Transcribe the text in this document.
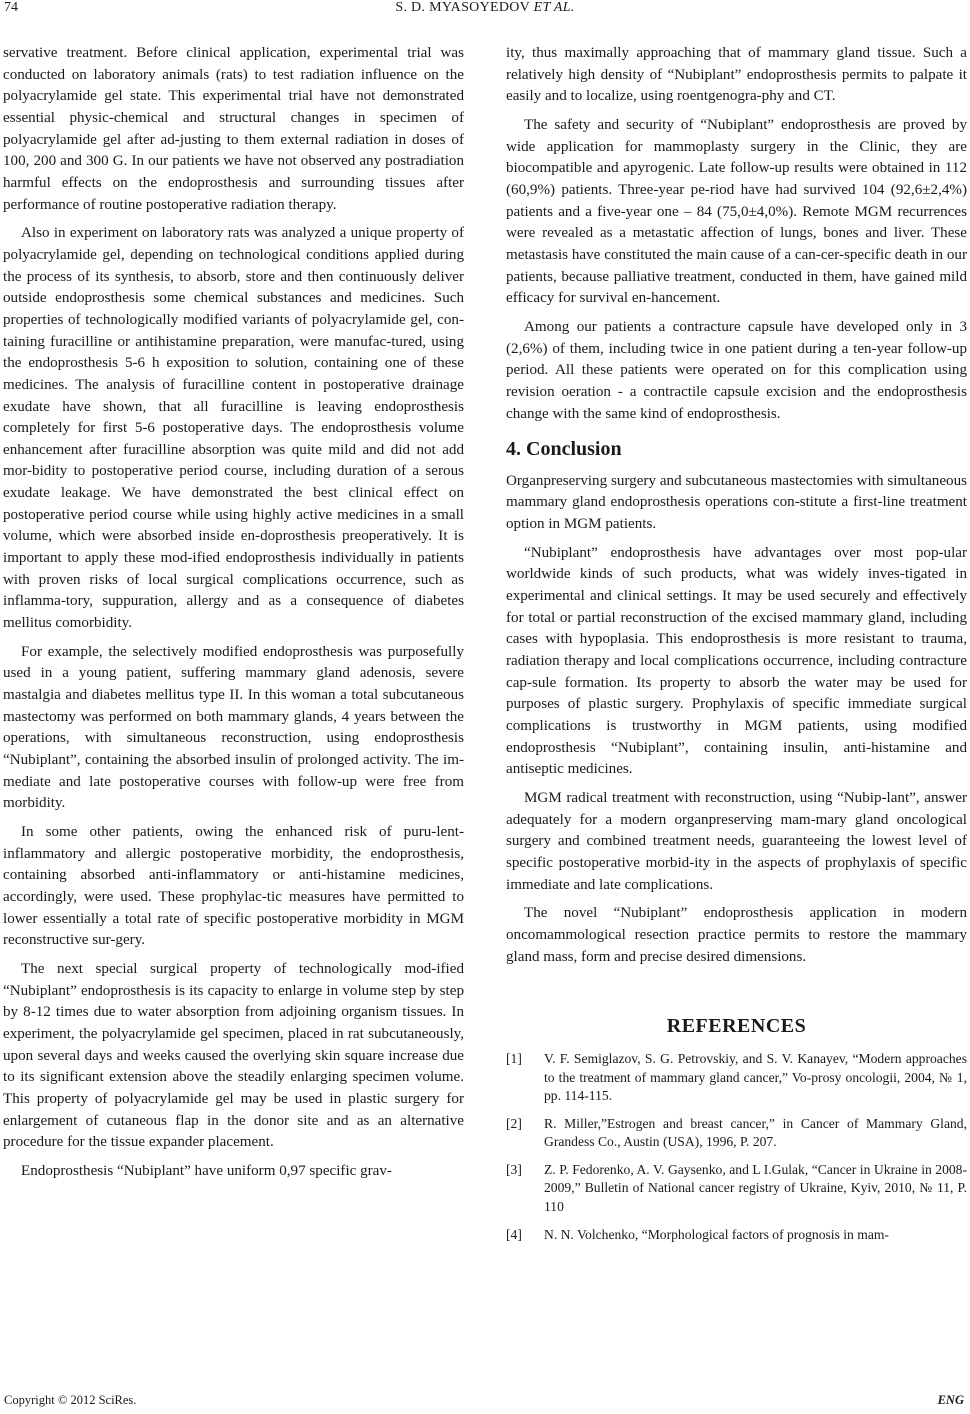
74	S. D. MYASOYEDOV ET AL.

servative treatment. Before clinical application, experimental trial was conducted on laboratory animals (rats) to test radiation influence on the polyacrylamide gel state. This experimental trial have not demonstrated essential physic-chemical and structural changes in specimen of polyacrylamide gel after ad-justing to them external radiation in doses of 100, 200 and 300 G. In our patients we have not observed any postradiation harmful effects on the endoprosthesis and surrounding tissues after performance of routine postoperative radiation therapy.

Also in experiment on laboratory rats was analyzed a unique property of polyacrylamide gel, depending on technological conditions applied during the process of its synthesis, to absorb, store and then continuously deliver outside endoprosthesis some chemical substances and medicines. Such properties of technologically modified variants of polyacrylamide gel, con-taining furacilline or antihistamine preparation, were manufac-tured, using the endoprosthesis 5-6 h exposition to solution, containing one of these medicines. The analysis of furacilline content in postoperative drainage exudate have shown, that all furacilline is leaving endoprosthesis completely for first 5-6 postoperative days. The endoprosthesis volume enhancement after furacilline absorption was quite mild and did not add mor-bidity to postoperative period course, including duration of a serous exudate leakage. We have demonstrated the best clinical effect on postoperative period course while using highly active medicines in a small volume, which were absorbed inside en-doprosthesis preoperatively. It is important to apply these mod-ified endoprosthesis individually in patients with proven risks of local surgical complications occurrence, such as inflamma-tory, suppuration, allergy and as a consequence of diabetes mellitus comorbidity.

For example, the selectively modified endoprosthesis was purposefully used in a young patient, suffering mammary gland adenosis, severe mastalgia and diabetes mellitus type II. In this woman a total subcutaneous mastectomy was performed on both mammary glands, 4 years between the operations, with simultaneous reconstruction, using endoprosthesis “Nubiplant”, containing the absorbed insulin of prolonged activity. The im-mediate and late postoperative courses with follow-up were free from morbidity.

In some other patients, owing the enhanced risk of puru-lent-inflammatory and allergic postoperative morbidity, the endoprosthesis, containing absorbed anti-inflammatory or anti-histamine medicines, accordingly, were used. These prophylac-tic measures have permitted to lower essentially a total rate of specific postoperative morbidity in MGM reconstructive sur-gery.

The next special surgical property of technologically mod-ified “Nubiplant” endoprosthesis is its capacity to enlarge in volume step by step by 8-12 times due to water absorption from adjoining organism tissues. In experiment, the polyacrylamide gel specimen, placed in rat subcutaneously, upon several days and weeks caused the overlying skin square increase due to its significant extension above the steadily enlarging specimen volume. This property of polyacrylamide gel may be used in plastic surgery for enlargement of cutaneous flap in the donor site and as an alternative procedure for the tissue expander placement.

Endoprosthesis “Nubiplant” have uniform 0,97 specific grav-

ity, thus maximally approaching that of mammary gland tissue. Such a relatively high density of “Nubiplant” endoprosthesis permits to palpate it easily and to localize, using roentgenogra-phy and CT.

The safety and security of “Nubiplant” endoprosthesis are proved by wide application for mammoplasty surgery in the Clinic, they are biocompatible and apyrogenic. Late follow-up results were obtained in 112 (60,9%) patients. Three-year pe-riod have had survived 104 (92,6±2,4%) patients and a five-year one – 84 (75,0±4,0%). Remote MGM recurrences were revealed as a metastatic affection of lungs, bones and liver. These metastasis have constituted the main cause of a can-cer-specific death in our patients, because palliative treatment, conducted in them, have gained mild efficacy for survival en-hancement.

Among our patients a contracture capsule have developed only in 3 (2,6%) of them, including twice in one patient during a ten-year follow-up period. All these patients were operated on for this complication using revision oeration - a contractile capsule excision and the endoprosthesis change with the same kind of endoprosthesis.

4. Conclusion

Organpreserving surgery and subcutaneous mastectomies with simultaneous mammary gland endoprosthesis operations con-stitute a first-line treatment option in MGM patients.

“Nubiplant” endoprosthesis have advantages over most pop-ular worldwide kinds of such products, what was widely inves-tigated in experimental and clinical settings. It may be used securely and effectively for total or partial reconstruction of the excised mammary gland, including cases with hypoplasia. This endoprosthesis is more resistant to trauma, radiation therapy and local complications occurrence, including contracture cap-sule formation. Its property to absorb the water may be used for purposes of plastic surgery. Prophylaxis of specific immediate surgical complications is trustworthy in MGM patients, using modified endoprosthesis “Nubiplant”, containing insulin, anti-histamine and antiseptic medicines.

MGM radical treatment with reconstruction, using “Nubip-lant”, answer adequately for a modern organpreserving mam-mary gland oncological surgery and combined treatment needs, guaranteeing the lowest level of specific postoperative morbid-ity in the aspects of prophylaxis of specific immediate and late complications.

The novel “Nubiplant” endoprosthesis application in modern oncomammological resection practice permits to restore the mammary gland mass, form and precise desired dimensions.

REFERENCES
[1]	V. F. Semiglazov, S. G. Petrovskiy, and S. V. Kanayev, “Modern approaches to the treatment of mammary gland cancer,” Vo-prosy oncologii, 2004, № 1, pp. 114-115.
[2]	R. Miller,”Estrogen and breast cancer,” in Cancer of Mammary Gland, Grandess Co., Austin (USA), 1996, P. 207.
[3]	Z. P. Fedorenko, A. V. Gaysenko, and L I.Gulak, “Cancer in Ukraine in 2008-2009,” Bulletin of National cancer registry of Ukraine, Kyiv, 2010, № 11, P. 110
[4]	N. N. Volchenko, “Morphological factors of prognosis in mam-
Copyright © 2012 SciRes.	ENG
